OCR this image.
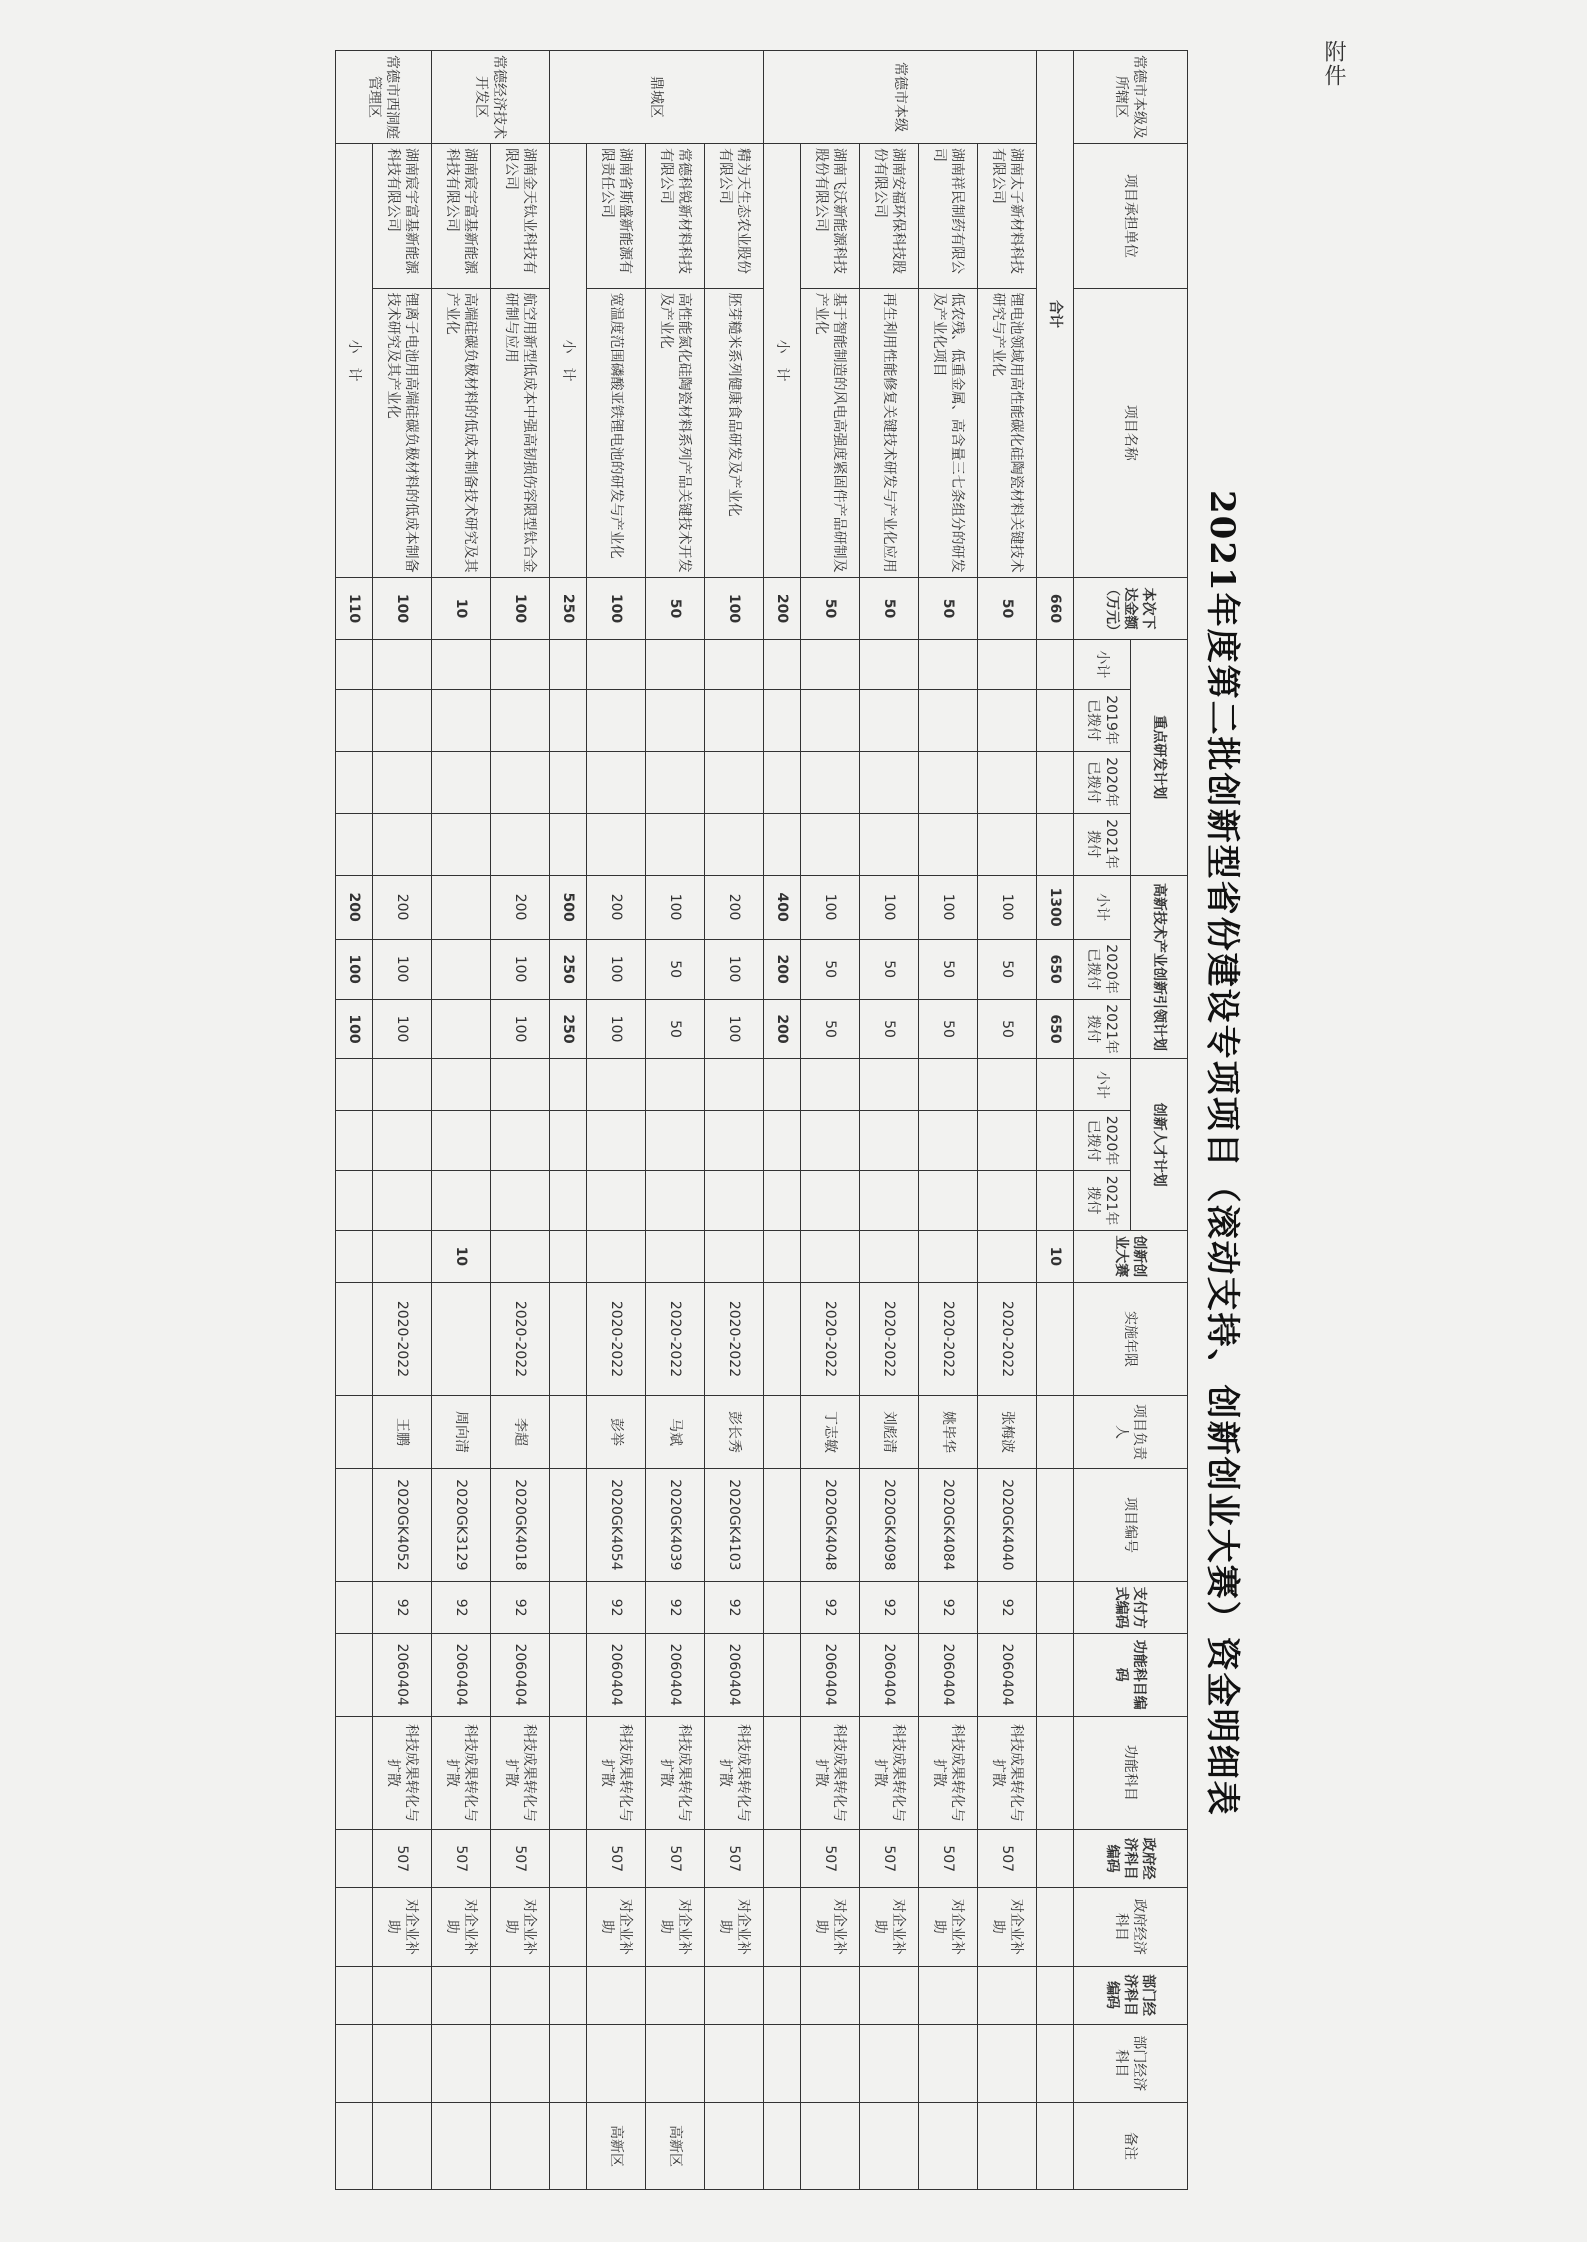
附件
2021年度第二批创新型省份建设专项项目（滚动支持、创新创业大赛）资金明细表
常德市本级及所辖区	项目承担单位	项目名称	本次下达金额（万元）	重点研发计划				高新技术产业创新引领计划			创新人才计划			创新创业大赛	实施年限	项目负责人	项目编号	支付方式编码	功能科目编码	功能科目	政府经济科目编码	政府经济科目	部门经济科目编码	部门经济科目	备注
				小计	2019年已拨付	2020年已拨付	2021年拨付	小计	2020年已拨付	2021年拨付	小计	2020年已拨付	2021年拨付												
合计			660					1300	650	650				10											
常德市本级	湖南太子新材料科技有限公司	锂电池领域用高性能碳化硅陶瓷材料关键技术研究与产业化	50					100	50	50					2020-2022	张梅波	2020GK4040	92	2060404	科技成果转化与扩散	507	对企业补助			
	湖南祥民制药有限公司	低农残、低重金属、高含量三七条组分的研发及产业化项目	50					100	50	50					2020-2022	姚毕华	2020GK4084	92	2060404	科技成果转化与扩散	507	对企业补助			
	湖南安福环保科技股份有限公司	再生利用性能修复关键技术研发与产业化应用	50					100	50	50					2020-2022	刘彪清	2020GK4098	92	2060404	科技成果转化与扩散	507	对企业补助			
	湖南飞沃新能源科技股份有限公司	基于智能制造的风电高强度紧固件产品研制及产业化	50					100	50	50					2020-2022	丁志敏	2020GK4048	92	2060404	科技成果转化与扩散	507	对企业补助			
	小　计		200					400	200	200															
鼎城区	精为天生态农业股份有限公司	胚芽糙米系列健康食品研发及产业化	100					200	100	100					2020-2022	彭长秀	2020GK4103	92	2060404	科技成果转化与扩散	507	对企业补助			
	常德科锐新材料科技有限公司	高性能氮化硅陶瓷材料系列产品关键技术开发及产业化	50					100	50	50					2020-2022	马斌	2020GK4039	92	2060404	科技成果转化与扩散	507	对企业补助			高新区
	湖南省斯盛新能源有限责任公司	宽温度范围磷酸亚铁锂电池的研发与产业化	100					200	100	100					2020-2022	彭举	2020GK4054	92	2060404	科技成果转化与扩散	507	对企业补助			高新区
	小　计		250					500	250	250															
常德经济技术开发区	湖南金天钛业科技有限公司	航空用新型低成本中强高韧损伤容限型钛合金研制与应用	100					200	100	100					2020-2022	李超	2020GK4018	92	2060404	科技成果转化与扩散	507	对企业补助			
	湖南宸宇富基新能源科技有限公司	高端硅碳负极材料的低成本制备技术研究及其产业化	10											10		周向清	2020GK3129	92	2060404	科技成果转化与扩散	507	对企业补助			
常德市西洞庭管理区	湖南宸宇富基新能源科技有限公司	锂离子电池用高端硅碳负极材料的低成本制备技术研究及其产业化	100					200	100	100					2020-2022	王鹏	2020GK4052	92	2060404	科技成果转化与扩散	507	对企业补助			
	小　计		110					200	100	100															
